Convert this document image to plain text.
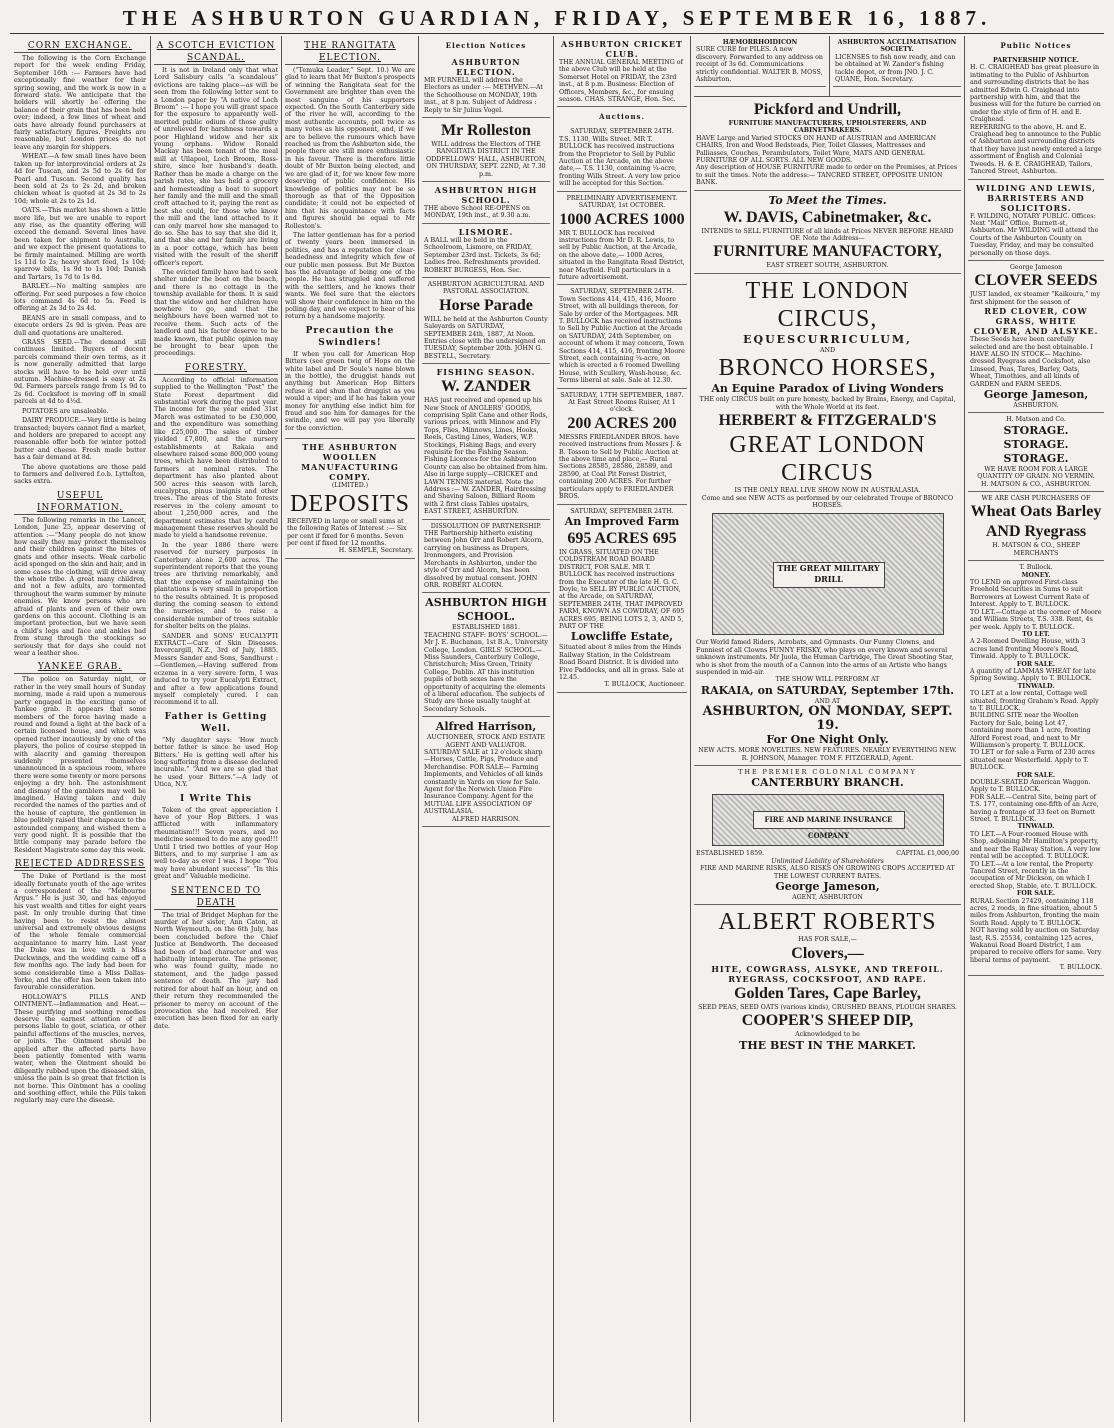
THE ASHBURTON GUARDIAN, FRIDAY, SEPTEMBER 16, 1887.
CORN EXCHANGE.

The following is the Corn Exchange report for the week ending Friday, September 16th :— Farmers have had exceptionally fine weather for their spring sowing, and the work is now in a forward state. We anticipate that the holders will shortly be offering the balance of their grain that has been held over; indeed, a few lines of wheat and oats have already found purchasers at fairly satisfactory figures. Freights are reasonable, but London prices do not leave any margin for shippers.

WHEAT.—A few small lines have been taken up for interprovincial orders at 2s 4d for Tuscan, and 2s 5d to 2s 6d for Pearl and Tuscan. Second quality has been sold at 2s to 2s 2d, and broken chicken wheat is quoted at 2s 3d to 2s 10d; whole at 2s to 2s 1d.

OATS.—This market has shown a little more life, but we are unable to report any rise, as the quantity offering will exceed the demand. Several lines have been taken for shipment to Australia, and we expect the present quotations to be firmly maintained. Milling are worth 1s 11d to 2s; heavy short feed, 1s 10d; sparrow bills, 1s 9d to 1s 10d; Danish and Tartars, 1s 7d to 1s 8d.

BARLEY.—No malting samples are offering. For seed purposes a few choice lots command 4s 6d to 5s. Feed is offering at 2s 3d to 2s 4d.

BEANS are in small compass, and to execute orders 2s 9d is given. Peas are dull and quotations are unaltered.

GRASS SEED.—The demand still continues limited. Buyers of decent parcels command their own terms, as it is now generally admitted that large stocks will have to be held over until autumn. Machine-dressed is easy at 2s 9d. Farmers parcels range from 1s 9d to 2s 6d. Cocksfoot is moving off in small parcels at 4d to 4½d.

POTATOES are unsaleable.

DAIRY PRODUCE.—Very little is being transacted; buyers cannot find a market, and holders are prepared to accept any reasonable offer both for winter potted butter and cheese. Fresh made butter has a fair demand at 8d.

The above quotations are those paid to farmers and delivered f.o.b. Lyttelton, sacks extra.

USEFUL INFORMATION.

The following remarks in the Lancet, London, June 25, appear deserving of attention :—“Many people do not know how easily they may protect themselves and their children against the bites of gnats and other insects. Weak carbolic acid sponged on the skin and hair, and in some cases the clothing, will drive away the whole tribe. A great many children, and not a few adults, are tormented throughout the warm summer by minute enemies. We know persons who are afraid of plants and even of their own gardens on this account. Clothing is an important protection, but we have seen a child's legs and face and ankles bad from stung through the stockings so seriously that for days she could not wear a leather shoe.

YANKEE GRAB.

The police on Saturday night, or rather in the very small hours of Sunday morning, made a raid upon a numerous party engaged in the exciting game of Yankee grab. It appears that some members of the force having made a round and found a light at the back of a certain licensed house, and which was opened rather incautiously by one of the players, the police of course stepped in with alacrity and gaming thereupon suddenly presented themselves unannounced in a spacious room, where there were some twenty or more persons enjoying a dry hoh. The astonishment and dismay of the gamblers may well be imagined. Having taken and duly recorded the names of the parties and of the house of capture, the gentlemen in blue politely raised their chapeaux to the astounded company, and wished them a very good night. It is possible that the little company may parade before the Resident Magistrate some day this week.

REJECTED ADDRESSES

The Duke of Portland is the most ideally fortunate youth of the age writes a correspondent of the “Melbourne Argus.” He is just 30, and has enjoyed his vast wealth and titles for eight years past. In only trouble during that time having been to resist the almost universal and extremely obvious designs of the whole female commercial acquaintance to marry him. Last year the Duke was in love with a Miss Duckwings, and the wedding came off a few months ago. The lady had been for some considerable time a Miss Dallas-Yorke, and the offer has been taken into favourable consideration.

HOLLOWAY'S PILLS AND OINTMENT.—Inflammation and Heat.—These purifying and soothing remedies deserve the earnest attention of all persons liable to gout, sciatica, or other painful affections of the muscles, nerves, or joints. The Ointment should be applied after the affected parts have been patiently fomented with warm water, when the Ointment should be diligently rubbed upon the diseased skin, unless the pain is so great that friction is not borne. This Ointment has a cooling and soothing effect, while the Pills taken regularly may cure the disease.

A SCOTCH EVICTION SCANDAL.

It is not in Ireland only that what Lord Salisbury calls “a scandalous” evictions are taking place—as will be seen from the following letter sent to a London paper by “A native of Loch Broom” :— I hope you will grant space for the exposure to apparently well-merited public odium of those guilty of unrelieved for harshness towards a poor Highland widow and her six young orphans. Widow Ronald Mackay has been tenant of the meal mill at Ullapool, Loch Broom, Ross-shire, since her husband's death. Rather than be made a charge on the parish rates, she has held a grocery and homesteading a boat to support her family and the mill and the small croft attached to it, paying the rent as best she could, for those who know the mill and the land attached to it can only marvel how she managed to do so. She has to say that she did it, and that she and her family are living in a poor cottage, which has been visited with the result of the sheriff officer's report.

The evicted family have had to seek shelter under the boat on the beach, and there is no cottage in the township available for them. It is said that the widow and her children have nowhere to go, and that the neighbours have been warned not to receive them. Such acts of the landlord and his factor deserve to be made known, that public opinion may be brought to bear upon the proceedings.

FORESTRY.

According to official information supplied to the Wellington “Post” the State Forest department did substantial work during the past year. The income for the year ended 31st March was estimated to be £30,000, and the expenditure was something like £25,000. The sales of timber yielded £7,800, and the nursery establishments at Rakaia and elsewhere raised some 800,000 young trees, which have been distributed to farmers at nominal rates. The department has also planted about 500 acres this season with larch, eucalyptus, pinus insignis and other trees. The areas of the State forests reserves in the colony amount to about 1,250,000 acres, and the department estimates that by careful management these reserves should be made to yield a handsome revenue.

In the year 1886 there were reserved for nursery purposes in Canterbury alone 2,600 acres. The superintendent reports that the young trees are thriving remarkably, and that the expense of maintaining the plantations is very small in proportion to the results obtained. It is proposed during the coming season to extend the nurseries, and to raise a considerable number of trees suitable for shelter belts on the plains.

SANDER and SONS' EUCALYPTI EXTRACT.—Care of Skin Diseases. Invercargill, N.Z., 3rd of July, 1885. Messrs Sander and Sons, Sandhurst :—Gentlemen,—Having suffered from eczema in a very severe form, I was induced to try your Eucalypti Extract, and after a few applications found myself completely cured. I can recommend it to all.

Father is Getting Well.

“My daughter says: ‘How much better father is since he used Hop Bitters.’ He is getting well after his long suffering from a disease declared incurable.” “And we are so glad that he used your Bitters.”—A lady of Utica, N.Y.

I Write This

Token of the great appreciation I have of your Hop Bitters. I was afflicted with inflammatory rheumatism!!! Seven years, and no medicine seemed to do me any good!!! Until I tried two bottles of your Hop Bitters, and to my surprise I am as well to-day as ever I was. I hope “You may have abundant success” “In this great and” Valuable medicine.

SENTENCED TO DEATH

The trial of Bridget Mephan for the murder of her sister, Ann Caton, at North Weymouth, on the 6th July, has been concluded before the Chief Justice at Bendworth. The deceased had been of bad character and was habitually intemperate. The prisoner, who was found guilty, made no statement, and the judge passed sentence of death. The jury had retired for about half an hour, and on their return they recommended the prisoner to mercy on account of the provocation she had received. Her execution has been fixed for an early date.

THE RANGITATA ELECTION.

(“Temuka Leader,” Sept. 10.) We are glad to learn that Mr Buxton's prospects of winning the Rangitata seat for the Government are brighter than even the most sanguine of his supporters expected. On the South Canterbury side of the river he will, according to the most authentic accounts, poll twice as many votes as his opponent, and, if we are to believe the rumours which have reached us from the Ashburton side, the people there are still more enthusiastic in his favour. There is therefore little doubt of Mr Buxton being elected, and we are glad of it, for we know few more deserving of public confidence. His knowledge of politics may not be so thorough as that of the Opposition candidate; it could not be expected of him that his acquaintance with facts and figures should be equal to Mr Rolleston's.

The latter gentleman has for a period of twenty years been immersed in politics, and has a reputation for clear-headedness and integrity which few of our public men possess. But Mr Buxton has the advantage of being one of the people. He has struggled and suffered with the settlers, and he knows their wants. We feel sure that the electors will show their confidence in him on the polling day, and we expect to hear of his return by a handsome majority.

Precaution the Swindlers!

If when you call for American Hop Bitters (see green twig of Hops on the white label and Dr Soule's name blown in the bottle), the druggist hands out anything but American Hop Bitters refuse it and shun that druggist as you would a viper; and if he has taken your money for anything else indict him for fraud and sue him for damages for the swindle, and we will pay you liberally for the conviction.

THE ASHBURTON WOOLLEN MANUFACTURING COMPY.
(LIMITED.)
DEPOSITS
RECEIVED in large or small sums at the following Rates of Interest :— Six per cent if fixed for 6 months. Seven per cent if fixed for 12 months.
H. SEMPLE, Secretary.
Election Notices
ASHBURTON ELECTION.
MR FURNELL will address the Electors as under :— METHVEN.—At the Schoolhouse on MONDAY, 19th inst., at 8 p.m. Subject of Address : Reply to Sir Julius Vogel.
Mr Rolleston
WILL address the Electors of THE RANGITATA DISTRICT IN THE ODDFELLOWS' HALL, ASHBURTON, ON THURSDAY, SEPT. 22ND, At 7.30 p.m.
ASHBURTON HIGH SCHOOL.
THE above School RE-OPENS on MONDAY, 19th inst., at 9.30 a.m.
LISMORE.
A BALL will be held in the Schoolroom, Lismore, on FRIDAY, September 23rd inst. Tickets, 3s 6d; Ladies free. Refreshments provided. ROBERT BURGESS, Hon. Sec.
ASHBURTON AGRICULTURAL AND PASTORAL ASSOCIATION.
Horse Parade
WILL be held at the Ashburton County Saleyards on SATURDAY, SEPTEMBER 24th, 1887, At Noon. Entries close with the undersigned on TUESDAY, September 20th. JOHN G. BESTELL, Secretary.
FISHING SEASON.
W. ZANDER
HAS just received and opened up his New Stock of ANGLERS' GOODS, comprising Split Cane and other Rods, various prices, with Minnow and Fly Tops, Flies, Minnows, Lines, Hooks, Reels, Casting Lines, Waders, W.P. Stockings, Fishing Bags, and every requisite for the Fishing Season. Fishing Licences for the Ashburton County can also be obtained from him. Also in large supply—CRICKET and LAWN TENNIS material. Note the Address :— W. ZANDER, Hairdressing and Shaving Saloon, Billiard Room with 2 first class Tables upstairs, EAST STREET, ASHBURTON.
DISSOLUTION OF PARTNERSHIP.
THE Partnership hitherto existing between John Orr and Robert Alcorn, carrying on business as Drapers, Ironmongers, and Provision Merchants in Ashburton, under the style of Orr and Alcorn, has been dissolved by mutual consent. JOHN ORR. ROBERT ALCORN.
ASHBURTON HIGH SCHOOL.
ESTABLISHED 1881.
TEACHING STAFF: BOYS' SCHOOL.—Mr J. E. Buchanan, 1st B.A., University College, London. GIRLS' SCHOOL.—Miss Saunders, Canterbury College, Christchurch; Miss Green, Trinity College, Dublin. AT this institution pupils of both sexes have the opportunity of acquiring the elements of a liberal education. The subjects of Study are those usually taught at Secondary Schools.
Alfred Harrison,
AUCTIONEER, STOCK AND ESTATE AGENT AND VALUATOR.
SATURDAY SALE at 12 o'clock sharp —Horses, Cattle, Pigs, Produce and Merchandise. FOR SALE— Farming Implements, and Vehicles of all kinds constantly in Yards on view for Sale. Agent for the Norwich Union Fire Insurance Company. Agent for the MUTUAL LIFE ASSOCIATION OF AUSTRALASIA.
ALFRED HARRISON.
ASHBURTON CRICKET CLUB.
THE ANNUAL GENERAL MEETING of the above Club will be held at the Somerset Hotel on FRIDAY, the 23rd inst., at 8 p.m. Business: Election of Officers, Members, &c., for ensuing season. CHAS. STRANGE, Hon. Sec.
Auctions.
SATURDAY, SEPTEMBER 24TH.
T.S. 1130, Wills Street. MR T. BULLOCK has received instructions from the Proprietor to Sell by Public Auction at the Arcade, on the above date,— T.S. 1130, containing ¼-acre, fronting Wills Street. A very low price will be accepted for this Section.
PRELIMINARY ADVERTISEMENT.
SATURDAY, 1st OCTOBER.
1000 ACRES 1000
MR T. BULLOCK has received instructions from Mr D. R. Lewis, to sell by Public Auction, at the Arcade, on the above date,— 1000 Acres, situated in the Rangitata Road District, near Mayfield. Full particulars in a future advertisement.
SATURDAY, SEPTEMBER 24TH.
Town Sections 414, 415, 416, Moore Street, with all buildings thereon, for Sale by order of the Mortgagees. MR T. BULLOCK has received instructions to Sell by Public Auction at the Arcade on SATURDAY, 24th September, on account of whom it may concern, Town Sections 414, 415, 416, fronting Moore Street, each containing ¼-acre, on which is erected a 6 roomed Dwelling House, with Scullery, Wash-house, &c. Terms liberal at sale. Sale at 12.30.
SATURDAY, 17TH SEPTEMBER, 1887.
At East Street Rooms Ruiser, At 1 o'clock.
200 ACRES 200
MESSRS FRIEDLANDER BROS. have received instructions from Messrs J. & B. Tosson to Sell by Public Auction at the above time and place,— Rural Sections 28585, 28586, 28589, and 28590, at Coal Pit Forest District, containing 200 ACRES. For further particulars apply to FRIEDLANDER BROS.
SATURDAY, SEPTEMBER 24TH.
An Improved Farm
695 ACRES 695
IN GRASS, SITUATED ON THE COLDSTREAM ROAD BOARD DISTRICT, FOR SALE. MR T. BULLOCK has received instructions from the Executor of the late H. G. C. Doyle, to SELL BY PUBLIC AUCTION, at the Arcade, on SATURDAY, SEPTEMBER 24TH, THAT IMPROVED FARM, KNOWN AS COWDRAY, OF 695 ACRES 695, BEING LOTS 2, 3, AND 5, PART OF THE
Lowcliffe Estate,
Situated about 8 miles from the Hinds Railway Station, in the Coldstream Road Board District. It is divided into Five Paddocks, and all in grass. Sale at 12.45.
T. BULLOCK, Auctioneer.
HÆMORRHOIDICON
SURE CURE for PILES. A new discovery. Forwarded to any address on receipt of 3s 6d. Communications strictly confidential. WALTER B. MOSS, Ashburton.
ASHBURTON ACCLIMATISATION SOCIETY.
LICENSES to fish now ready, and can be obtained at W. Zander's fishing tackle depot, or from JNO. J. C. QUANE, Hon. Secretary.
Pickford and Undrill,
FURNITURE MANUFACTURERS, UPHOLSTERERS, AND CABINETMAKERS.
HAVE Large and Varied STOCKS ON HAND of AUSTRIAN and AMERICAN CHAIRS, Iron and Wood Bedsteads, Pier, Toilet Glasses, Mattresses and Palliasses, Couches, Perambulators, Toilet Ware, MATS AND GENERAL FURNITURE OF ALL SORTS. ALL NEW GOODS.
Any description of HOUSE FURNITURE made to order on the Premises, at Prices to suit the times. Note the address:— TANCRED STREET, OPPOSITE UNION BANK.
To Meet the Times.
W. DAVIS, Cabinetmaker, &c.
INTENDS to SELL FURNITURE of all kinds at Prices NEVER BEFORE HEARD OF. Note the Address—
FURNITURE MANUFACTORY,
EAST STREET SOUTH, ASHBURTON.
THE LONDON CIRCUS,
EQUESCURRICULUM,
AND
BRONCO HORSES,
An Equine Paradox of Living Wonders
THE only CIRCUS built on pure honesty, backed by Brains, Energy, and Capital, with the Whole World at its feet.
HERBERT & FITZGERALD'S
GREAT LONDON CIRCUS
IS THE ONLY REAL LIVE SHOW NOW IN AUSTRALASIA.
Come and see NEW ACTS as performed by our celebrated Troupe of BRONCO HORSES.
THE GREAT MILITARY DRILL
Our World famed Riders, Acrobats, and Gymnasts. Our Funny Clowns, and Funniest of all Clowns FUNNY FRISKY, who plays on every known and several unknown instruments. Mr Juola, the Human Cartridge, The Great Shooting Star, who is shot from the mouth of a Cannon into the arms of an Artiste who hangs suspended in mid-air.
THE SHOW WILL PERFORM AT
RAKAIA, on SATURDAY, September 17th.
AND AT
ASHBURTON, ON MONDAY, SEPT. 19.
For One Night Only.
NEW ACTS. MORE NOVELTIES. NEW FEATURES. NEARLY EVERYTHING NEW.
R. JOHNSON, Manager. TOM F. FITZGERALD, Agent.
THE PREMIER COLONIAL COMPANY
CANTERBURY BRANCH.
FIRE AND MARINE INSURANCE COMPANY
ESTABLISHED 1859.	CAPITAL £1,000,00
Unlimited Liability of Shareholders
FIRE AND MARINE RISKS, ALSO RISKS ON GROWING CROPS ACCEPTED AT THE LOWEST CURRENT RATES.
George Jameson,
AGENT, ASHBURTON
ALBERT ROBERTS
HAS FOR SALE,—
Clovers,—
HITE, COWGRASS, ALSYKE, AND TREFOIL.
RYEGRASS, COCKSFOOT, AND RAPE.
Golden Tares, Cape Barley,
SEED PEAS, SEED OATS (various kinds), CRUSHED BEANS, PLOUGH SHARES.
COOPER'S SHEEP DIP,
Acknowledged to be
THE BEST IN THE MARKET.
Public Notices
PARTNERSHIP NOTICE.
H. C. CRAIGHEAD has great pleasure in intimating to the Public of Ashburton and surrounding districts that he has admitted Edwin G. Craighead into partnership with him, and that the business will for the future be carried on under the style of firm of H. and E. Craighead.
REFERRING to the above, H. and E. Craighead beg to announce to the Public of Ashburton and surrounding districts that they have just newly entered a large assortment of English and Colonial Tweeds. H. & E. CRAIGHEAD, Tailors, Tancred Street, Ashburton.
WILDING AND LEWIS,
BARRISTERS AND SOLICITORS.
F. WILDING, NOTARY PUBLIC. Offices: Next “Mail” Office, Burnett-st, Ashburton. Mr WILDING will attend the Courts of the Ashburton County on Tuesday, Friday, and may be consulted personally on those days.
George Jameson
CLOVER SEEDS
JUST landed, ex steamer “Kaikoura,” my first shipment for the season of
RED CLOVER, COW GRASS, WHITE CLOVER, AND ALSYKE.
These Seeds have been carefully selected and are the best obtainable. I HAVE ALSO IN STOCK— Machine-dressed Ryegrass and Cocksfoot, also Linseed, Peas, Tares, Barley, Oats, Wheat, Timothies, and all kinds of GARDEN and FARM SEEDS.
George Jameson,
ASHBURTON.
H. Matson and Co.
STORAGE. STORAGE.
STORAGE.
WE HAVE ROOM FOR A LARGE QUANTITY OF GRAIN. NO VERMIN.
H. MATSON & CO., ASHBURTON.
WE ARE CASH PURCHASERS OF
Wheat Oats Barley AND Ryegrass
H. MATSON & CO., SHEEP MERCHANTS
T. Bullock.
MONEY.
TO LEND on approved First-class Freehold Securities in Sums to suit Borrowers at Lowest Current Rate of Interest. Apply to T. BULLOCK.
TO LET.—Cottage at the corner of Moore and William Streets, T.S. 338. Rent, 4s per week. Apply to T. BULLOCK.
TO LET.
A 2-Roomed Dwelling House, with 3 acres land fronting Moore's Road, Tinwald. Apply to T. BULLOCK.
FOR SALE.
A quantity of LAMMAS WHEAT for late Spring Sowing. Apply to T. BULLOCK.
TINWALD.
TO LET at a low rental, Cottage well situated, fronting Graham's Road. Apply to T. BULLOCK.
BUILDING SITE near the Woollen Factory for Sale, being Lot 47, containing more than 1 acre, fronting Alford Forest road, and next to Mr Williamson's property. T. BULLOCK.
TO LET or for sale a Farm of 230 acres situated near Westerfield. Apply to T. BULLOCK.
FOR SALE.
DOUBLE-SEATED American Waggon. Apply to T. BULLOCK.
FOR SALE.—Central Site, being part of T.S. 177, containing one-fifth of an Acre, having a frontage of 33 feet on Burnett Street. T. BULLOCK.
TINWALD.
TO LET.—A Four-roomed House with Shop, adjoining Mr Hamilton's property, and near the Railway Station. A very low rental will be accepted. T. BULLOCK.
TO LET.—At a low rental, the Property Tancred Street, recently in the occupation of Mr Dickson, on which I erected Shop, Stable, etc. T. BULLOCK.
FOR SALE.
RURAL Section 27429, containing 118 acres, 2 roods, in fine situation, about 5 miles from Ashburton, fronting the main South Road. Apply to T. BULLOCK.
NOT having sold by auction on Saturday last, R.S. 25534, containing 125 acres, Wakanui Road Board District, I am prepared to receive offers for same. Very liberal terms of payment.
T. BULLOCK.
